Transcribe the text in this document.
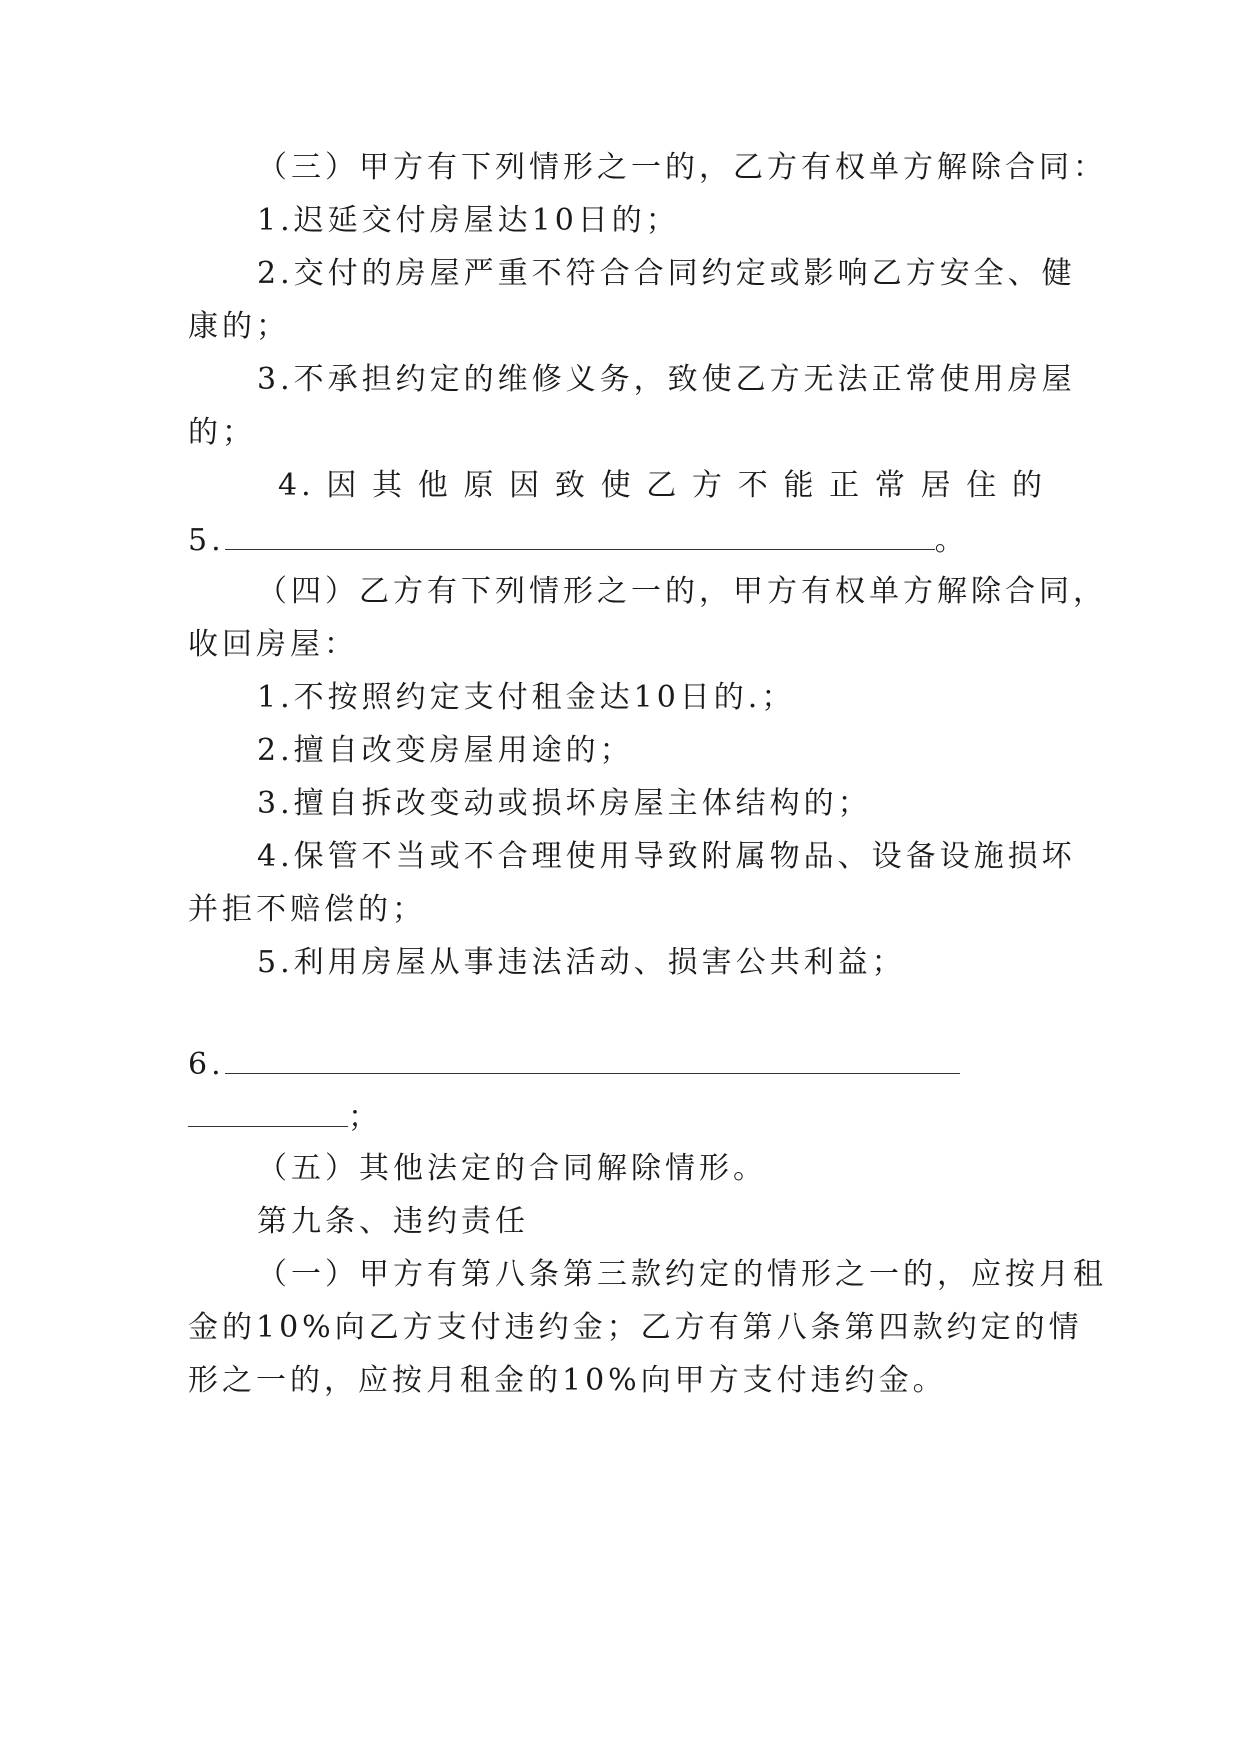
（三）甲方有下列情形之一的，乙方有权单方解除合同：
1.迟延交付房屋达10日的；
2.交付的房屋严重不符合合同约定或影响乙方安全、健
康的；
3.不承担约定的维修义务，致使乙方无法正常使用房屋
的；
4.因其他原因致使乙方不能正常居住的
5.	。
（四）乙方有下列情形之一的，甲方有权单方解除合同，
收回房屋：
1.不按照约定支付租金达10日的.；
2.擅自改变房屋用途的；
3.擅自拆改变动或损坏房屋主体结构的；
4.保管不当或不合理使用导致附属物品、设备设施损坏
并拒不赔偿的；
5.利用房屋从事违法活动、损害公共利益；
6.
；
（五）其他法定的合同解除情形。
第九条、违约责任
（一）甲方有第八条第三款约定的情形之一的，应按月租
金的10%向乙方支付违约金；乙方有第八条第四款约定的情
形之一的，应按月租金的10%向甲方支付违约金。
